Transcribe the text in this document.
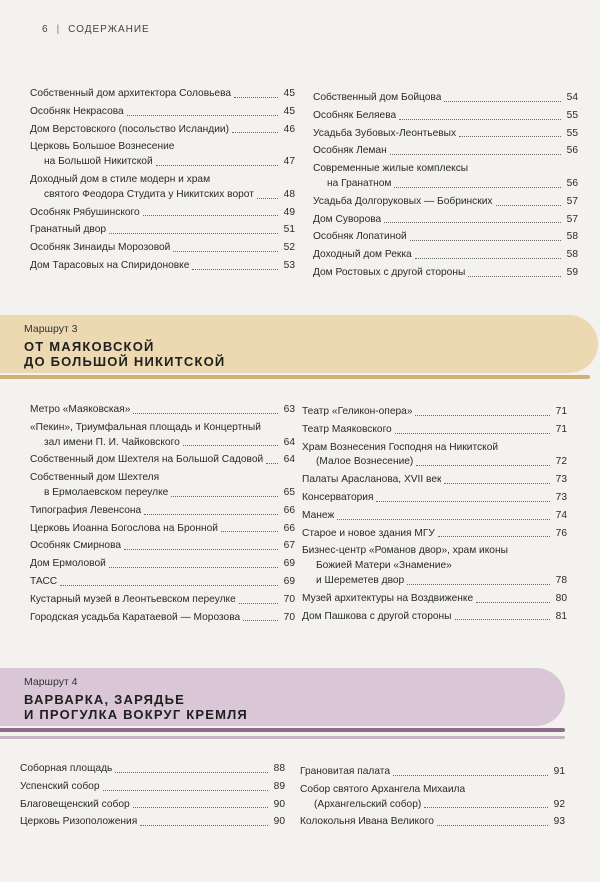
6 | СОДЕРЖАНИЕ
Собственный дом архитектора Соловьева	45
Особняк Некрасова	45
Дом Верстовского (посольство Исландии)	46
Церковь Большое Вознесение
на Большой Никитской	47
Доходный дом в стиле модерн и храм
святого Феодора Студита у Никитских ворот	48
Особняк Рябушинского	49
Гранатный двор	51
Особняк Зинаиды Морозовой	52
Дом Тарасовых на Спиридоновке	53
Собственный дом Бойцова	54
Особняк Беляева	55
Усадьба Зубовых-Леонтьевых	55
Особняк Леман	56
Современные жилые комплексы
на Гранатном	56
Усадьба Долгоруковых — Бобринских	57
Дом Суворова	57
Особняк Лопатиной	58
Доходный дом Рекка	58
Дом Ростовых с другой стороны	59
Маршрут 3
ОТ МАЯКОВСКОЙ
ДО БОЛЬШОЙ НИКИТСКОЙ
Метро «Маяковская»	63
«Пекин», Триумфальная площадь и Концертный
зал имени П. И. Чайковского	64
Собственный дом Шехтеля на Большой Садовой 64
Собственный дом Шехтеля
в Ермолаевском переулке	65
Типография Левенсона	66
Церковь Иоанна Богослова на Бронной	66
Особняк Смирнова	67
Дом Ермоловой	69
ТАСС	69
Кустарный музей в Леонтьевском переулке	70
Городская усадьба Каратаевой — Морозова	70
Театр «Геликон-опера»	71
Театр Маяковского	71
Храм Вознесения Господня на Никитской
(Малое Вознесение)	72
Палаты Арасланова, XVII век	73
Консерватория	73
Манеж	74
Старое и новое здания МГУ	76
Бизнес-центр «Романов двор», храм иконы
Божией Матери «Знамение»
и Шереметев двор	78
Музей архитектуры на Воздвиженке	80
Дом Пашкова с другой стороны	81
Маршрут 4
ВАРВАРКА, ЗАРЯДЬЕ
И ПРОГУЛКА ВОКРУГ КРЕМЛЯ
Соборная площадь	88
Успенский собор	89
Благовещенский собор	90
Церковь Ризоположения	90
Грановитая палата	91
Собор святого Архангела Михаила
(Архангельский собор)	92
Колокольня Ивана Великого	93
